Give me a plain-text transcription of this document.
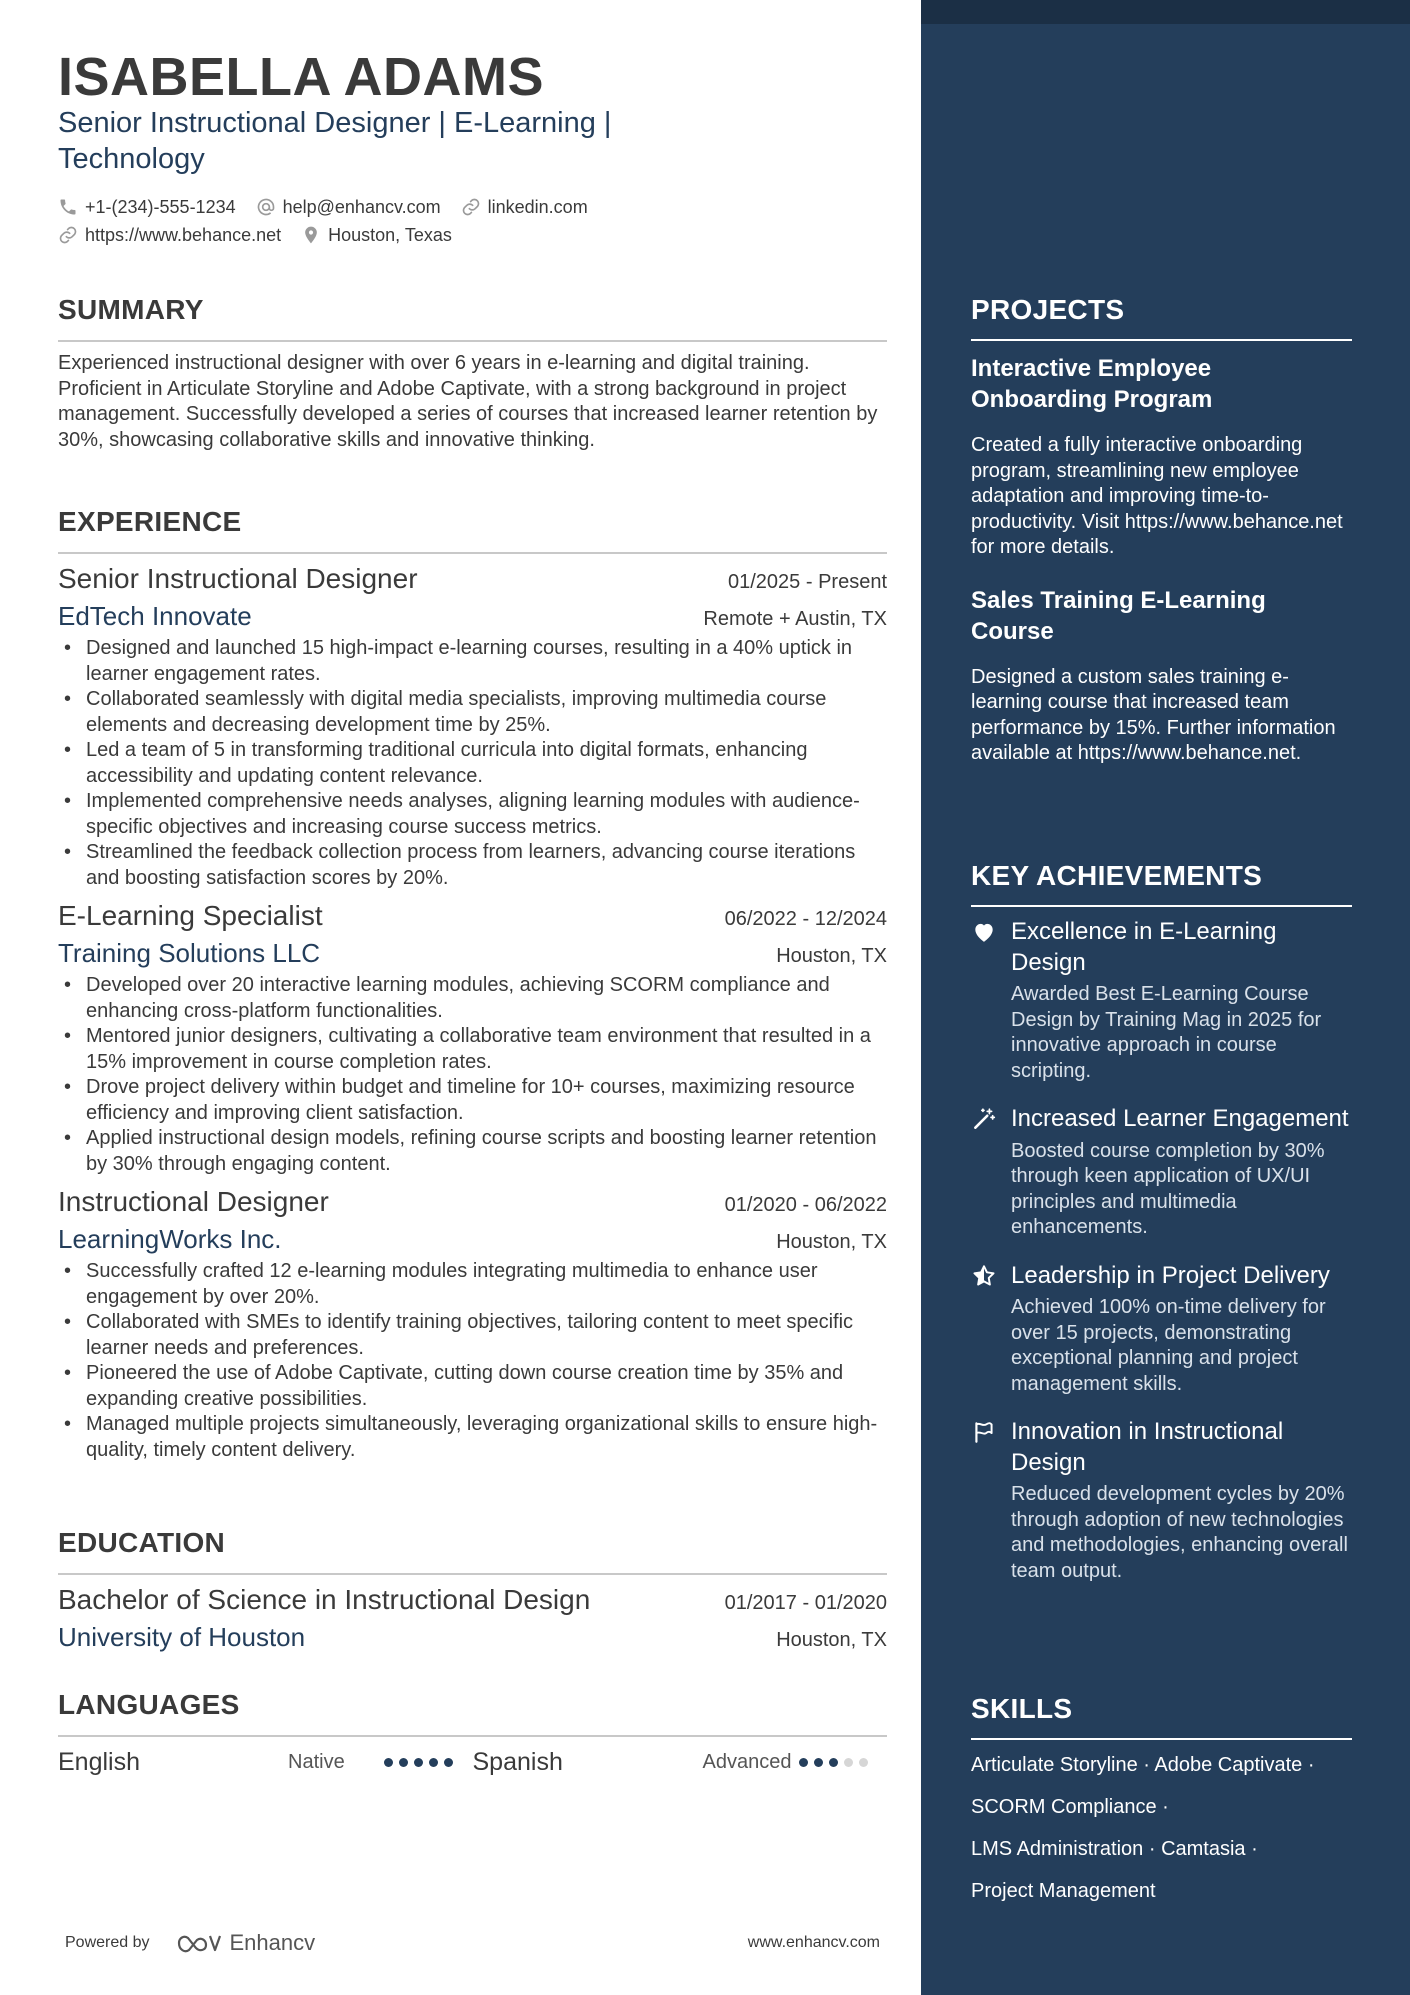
ISABELLA ADAMS
Senior Instructional Designer | E-Learning | Technology
+1-(234)-555-1234	help@enhancv.com	linkedin.com
https://www.behance.net	Houston, Texas
SUMMARY

Experienced instructional designer with over 6 years in e-learning and digital training. Proficient in Articulate Storyline and Adobe Captivate, with a strong background in project management. Successfully developed a series of courses that increased learner retention by 30%, showcasing collaborative skills and innovative thinking.

EXPERIENCE
Senior Instructional Designer	01/2025 - Present
EdTech Innovate	Remote + Austin, TX
• Designed and launched 15 high-impact e-learning courses, resulting in a 40% uptick in learner engagement rates.
• Collaborated seamlessly with digital media specialists, improving multimedia course elements and decreasing development time by 25%.
• Led a team of 5 in transforming traditional curricula into digital formats, enhancing accessibility and updating content relevance.
• Implemented comprehensive needs analyses, aligning learning modules with audience-specific objectives and increasing course success metrics.
• Streamlined the feedback collection process from learners, advancing course iterations and boosting satisfaction scores by 20%.
E-Learning Specialist	06/2022 - 12/2024
Training Solutions LLC	Houston, TX
• Developed over 20 interactive learning modules, achieving SCORM compliance and enhancing cross-platform functionalities.
• Mentored junior designers, cultivating a collaborative team environment that resulted in a 15% improvement in course completion rates.
• Drove project delivery within budget and timeline for 10+ courses, maximizing resource efficiency and improving client satisfaction.
• Applied instructional design models, refining course scripts and boosting learner retention by 30% through engaging content.
Instructional Designer	01/2020 - 06/2022
LearningWorks Inc.	Houston, TX
• Successfully crafted 12 e-learning modules integrating multimedia to enhance user engagement by over 20%.
• Collaborated with SMEs to identify training objectives, tailoring content to meet specific learner needs and preferences.
• Pioneered the use of Adobe Captivate, cutting down course creation time by 35% and expanding creative possibilities.
• Managed multiple projects simultaneously, leveraging organizational skills to ensure high-quality, timely content delivery.
EDUCATION
Bachelor of Science in Instructional Design	01/2017 - 01/2020
University of Houston	Houston, TX
LANGUAGES
English	Native	Spanish	Advanced
Powered by	Enhancv	www.enhancv.com
PROJECTS
Interactive Employee Onboarding Program
Created a fully interactive onboarding program, streamlining new employee adaptation and improving time-to-productivity. Visit https://www.behance.net for more details.
Sales Training E-Learning Course
Designed a custom sales training e-learning course that increased team performance by 15%. Further information available at https://www.behance.net.
KEY ACHIEVEMENTS
Excellence in E-Learning Design
Awarded Best E-Learning Course Design by Training Mag in 2025 for innovative approach in course scripting.
Increased Learner Engagement
Boosted course completion by 30% through keen application of UX/UI principles and multimedia enhancements.
Leadership in Project Delivery
Achieved 100% on-time delivery for over 15 projects, demonstrating exceptional planning and project management skills.
Innovation in Instructional Design
Reduced development cycles by 20% through adoption of new technologies and methodologies, enhancing overall team output.
SKILLS
Articulate Storyline · Adobe Captivate ·
SCORM Compliance ·
LMS Administration · Camtasia ·
Project Management
